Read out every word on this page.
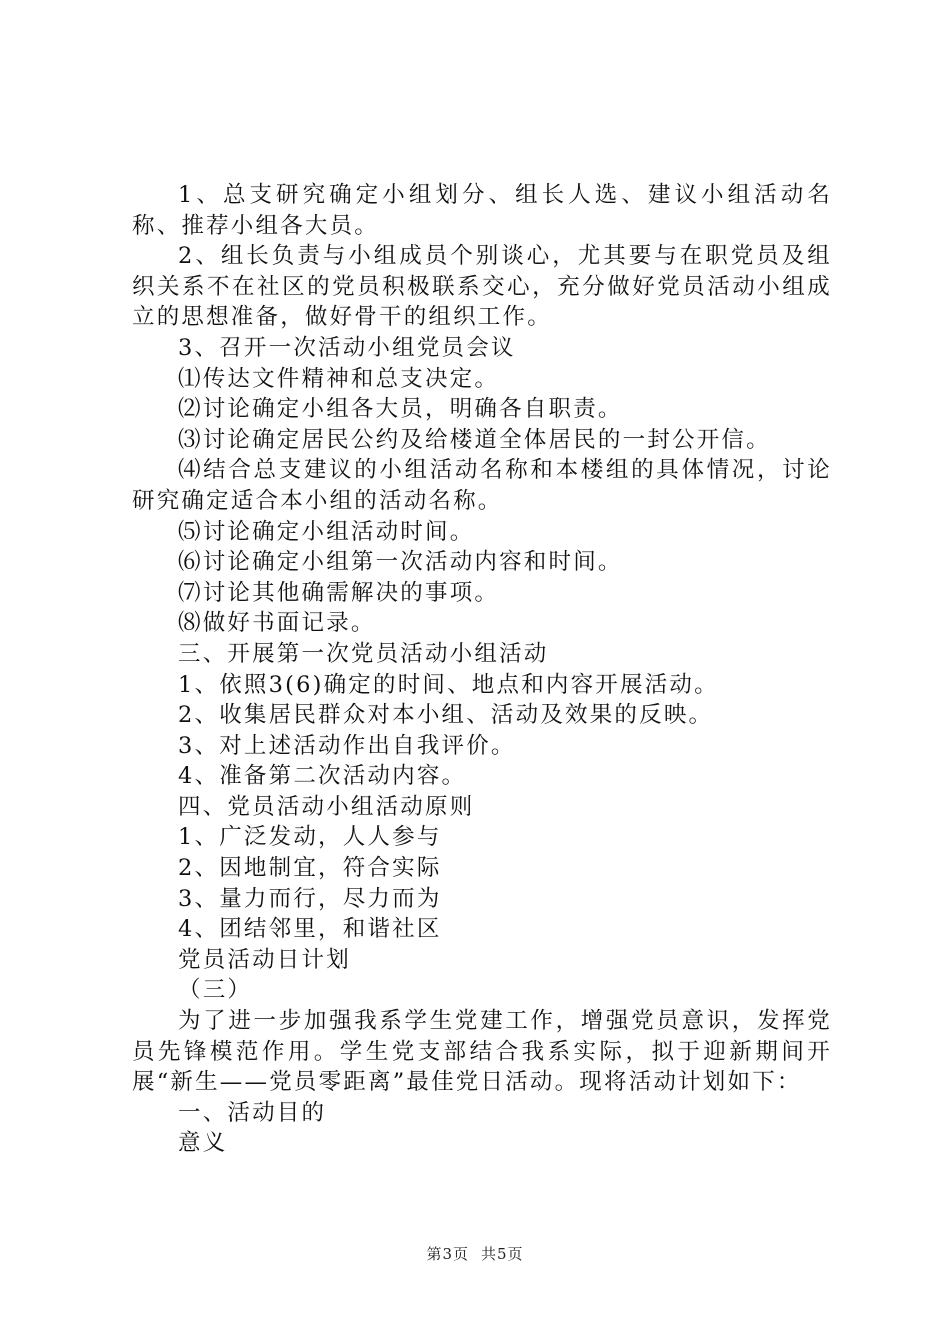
1、总支研究确定小组划分、组长人选、建议小组活动名称、推荐小组各大员。

2、组长负责与小组成员个别谈心，尤其要与在职党员及组织关系不在社区的党员积极联系交心，充分做好党员活动小组成立的思想准备，做好骨干的组织工作。

3、召开一次活动小组党员会议

⑴传达文件精神和总支决定。

⑵讨论确定小组各大员，明确各自职责。

⑶讨论确定居民公约及给楼道全体居民的一封公开信。

⑷结合总支建议的小组活动名称和本楼组的具体情况，讨论研究确定适合本小组的活动名称。

⑸讨论确定小组活动时间。

⑹讨论确定小组第一次活动内容和时间。

⑺讨论其他确需解决的事项。

⑻做好书面记录。

三、开展第一次党员活动小组活动

1、依照3(6)确定的时间、地点和内容开展活动。

2、收集居民群众对本小组、活动及效果的反映。

3、对上述活动作出自我评价。

4、准备第二次活动内容。

四、党员活动小组活动原则

1、广泛发动，人人参与

2、因地制宜，符合实际

3、量力而行，尽力而为

4、团结邻里，和谐社区

党员活动日计划

（三）

为了进一步加强我系学生党建工作，增强党员意识，发挥党员先锋模范作用。学生党支部结合我系实际，拟于迎新期间开展“新生——党员零距离”最佳党日活动。现将活动计划如下：

一、活动目的

意义

第3页 共5页
